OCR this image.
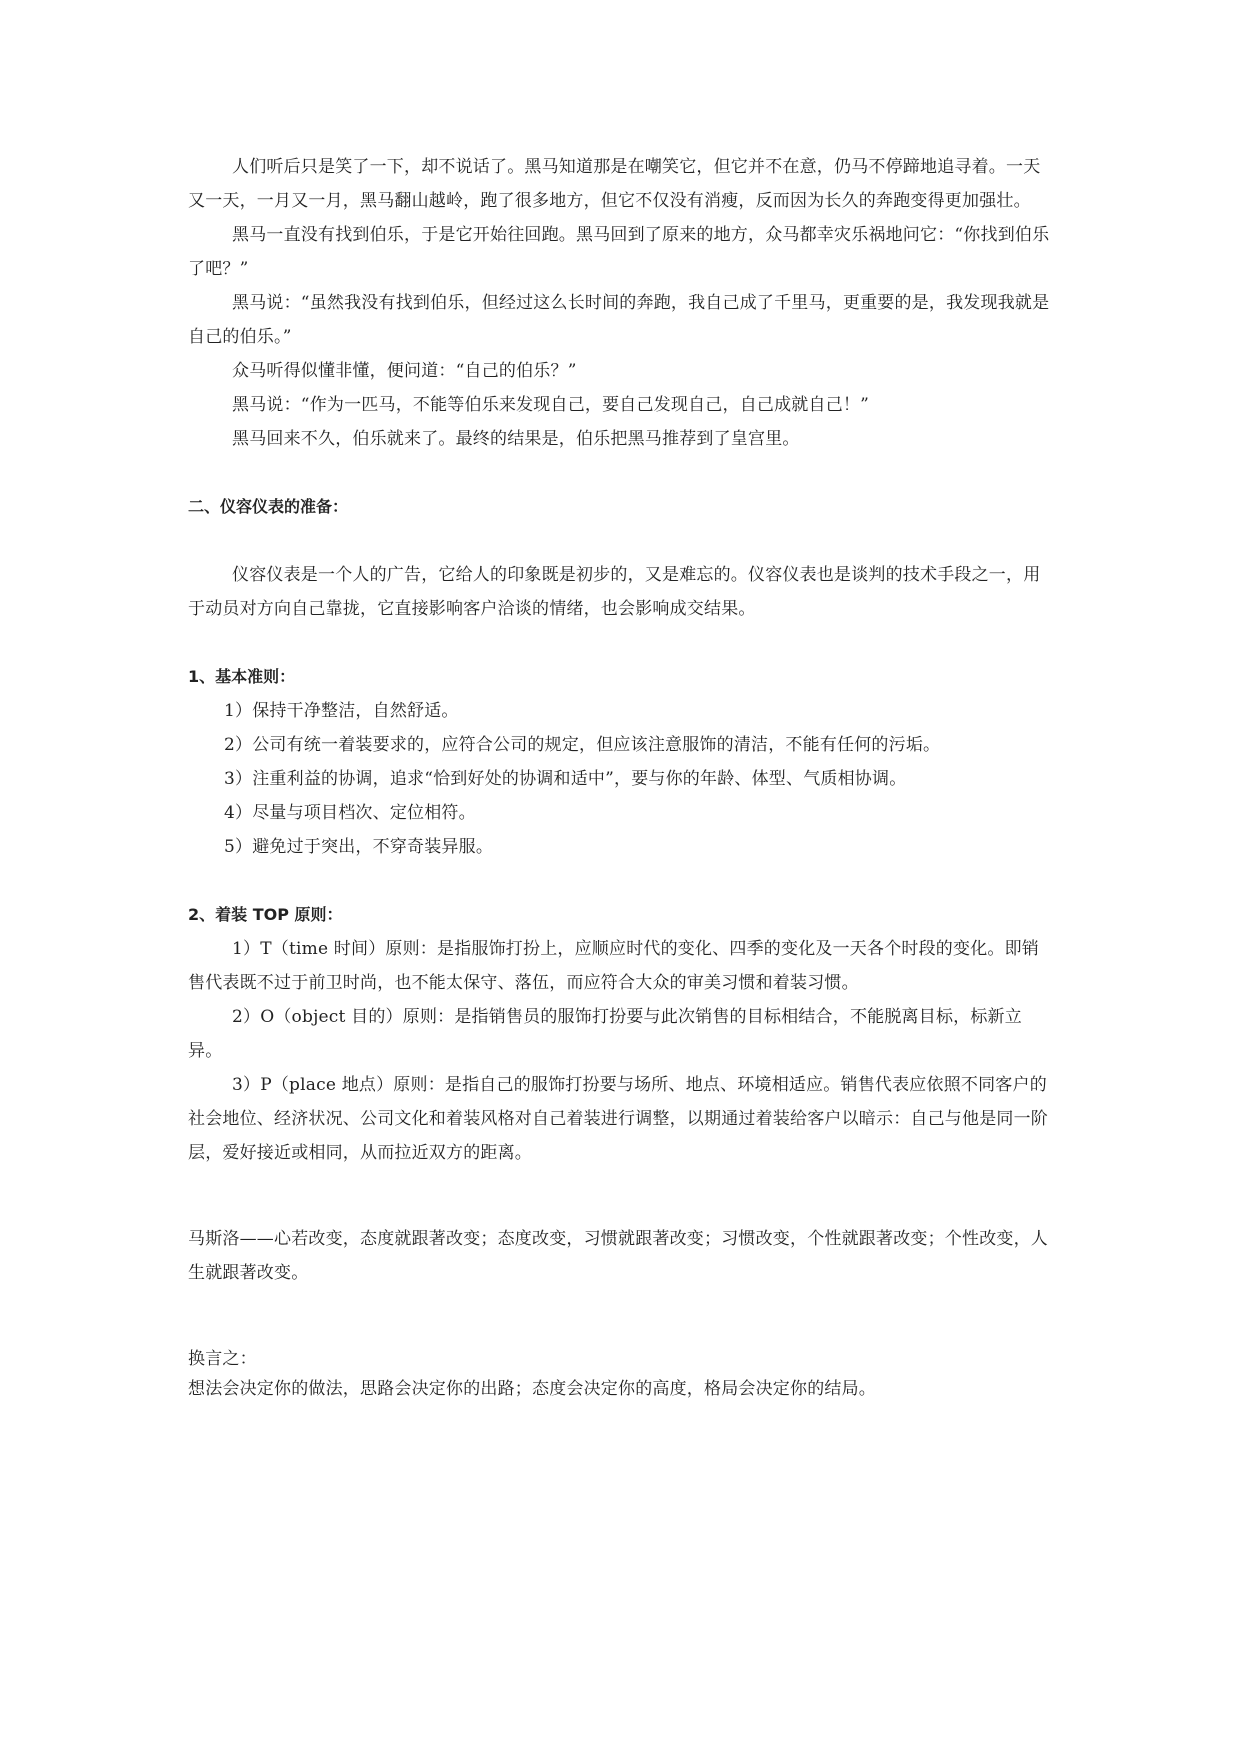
人们听后只是笑了一下，却不说话了。黑马知道那是在嘲笑它，但它并不在意，仍马不停蹄地追寻着。一天又一天，一月又一月，黑马翻山越岭，跑了很多地方，但它不仅没有消瘦，反而因为长久的奔跑变得更加强壮。

黑马一直没有找到伯乐，于是它开始往回跑。黑马回到了原来的地方，众马都幸灾乐祸地问它：“你找到伯乐了吧？”

黑马说：“虽然我没有找到伯乐，但经过这么长时间的奔跑，我自己成了千里马，更重要的是，我发现我就是自己的伯乐。”

众马听得似懂非懂，便问道：“自己的伯乐？”

黑马说：“作为一匹马，不能等伯乐来发现自己，要自己发现自己，自己成就自己！”

黑马回来不久，伯乐就来了。最终的结果是，伯乐把黑马推荐到了皇宫里。

二、仪容仪表的准备：

仪容仪表是一个人的广告，它给人的印象既是初步的，又是难忘的。仪容仪表也是谈判的技术手段之一，用于动员对方向自己靠拢，它直接影响客户洽谈的情绪，也会影响成交结果。

1、基本准则：

1）保持干净整洁，自然舒适。

2）公司有统一着装要求的，应符合公司的规定，但应该注意服饰的清洁，不能有任何的污垢。

3）注重利益的协调，追求“恰到好处的协调和适中”，要与你的年龄、体型、气质相协调。

4）尽量与项目档次、定位相符。

5）避免过于突出，不穿奇装异服。

2、着装 TOP 原则：

1）T（time 时间）原则：是指服饰打扮上，应顺应时代的变化、四季的变化及一天各个时段的变化。即销售代表既不过于前卫时尚，也不能太保守、落伍，而应符合大众的审美习惯和着装习惯。

2）O（object 目的）原则：是指销售员的服饰打扮要与此次销售的目标相结合，不能脱离目标，标新立异。

3）P（place 地点）原则：是指自己的服饰打扮要与场所、地点、环境相适应。销售代表应依照不同客户的社会地位、经济状况、公司文化和着装风格对自己着装进行调整，以期通过着装给客户以暗示：自己与他是同一阶层，爱好接近或相同，从而拉近双方的距离。

马斯洛——心若改变，态度就跟著改变；态度改变，习惯就跟著改变；习惯改变，个性就跟著改变；个性改变，人生就跟著改变。

换言之：

想法会决定你的做法，思路会决定你的出路；态度会决定你的高度，格局会决定你的结局。
